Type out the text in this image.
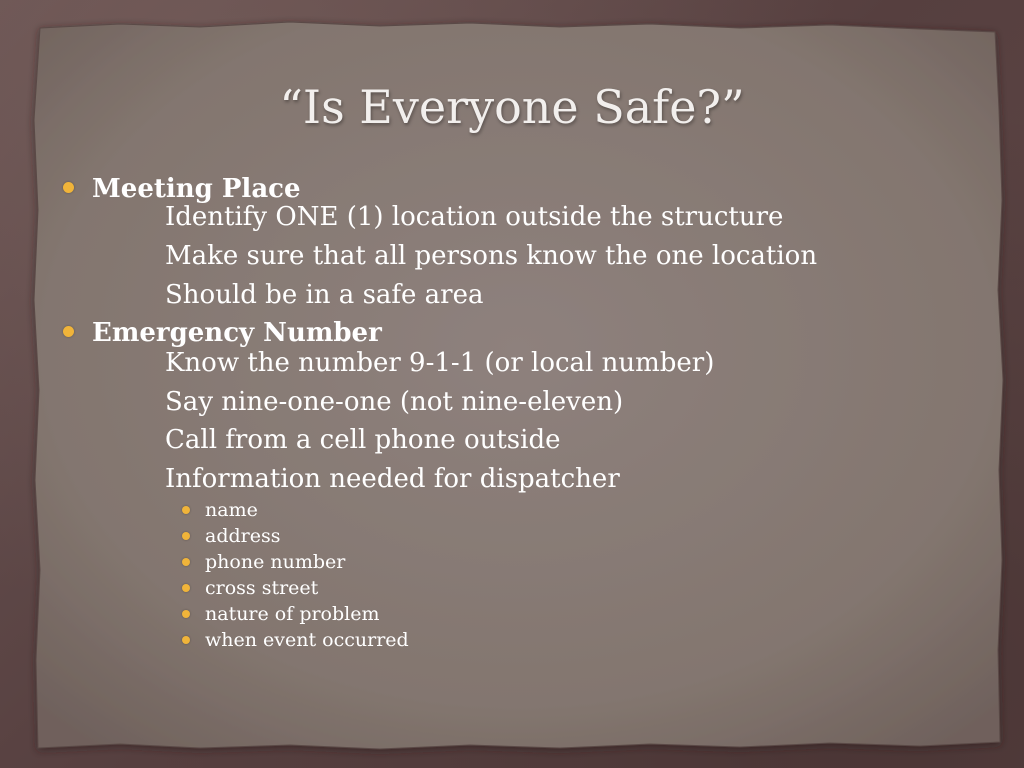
“Is Everyone Safe?”
Meeting Place
Identify ONE (1) location outside the structure
Make sure that all persons know the one location
Should be in a safe area
Emergency Number
Know the number 9-1-1 (or local number)
Say nine-one-one (not nine-eleven)
Call from a cell phone outside
Information needed for dispatcher
name
address
phone number
cross street
nature of problem
when event occurred
